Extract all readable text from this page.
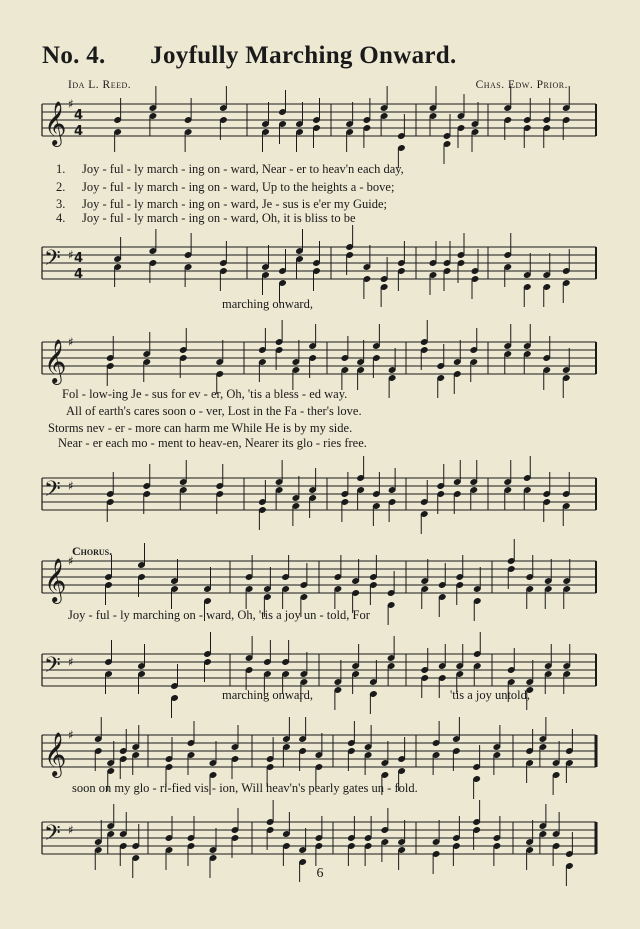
No. 4. Joyfully Marching Onward.
Ida L. Reed.	Chas. Edw. Prior.
𝄞 ♯
4
4
𝄢 ♯ 4
4
𝄞 ♯
𝄢 ♯
𝄞 ♯
𝄢 ♯
𝄞 ♯
𝄢 ♯
1. Joy - ful - ly march - ing on - ward, Near - er to heav'n each day,
2. Joy - ful - ly march - ing on - ward, Up to the heights a - bove;
3. Joy - ful - ly march - ing on - ward, Je - sus is e'er my Guide;
4. Joy - ful - ly march - ing on - ward, Oh, it is bliss to be
marching onward,
Fol - low-ing Je - sus for ev - er, Oh, 'tis a bless - ed way.
All of earth's cares soon o - ver, Lost in the Fa - ther's love.
Storms nev - er - more can harm me While He is by my side.
Near - er each mo - ment to heav-en, Nearer its glo - ries free.
Chorus.
Joy - ful - ly marching on - ward, Oh, 'tis a joy un - told, For
marching onward,	'tis a joy untold,
soon on my glo - ri-fied vis - ion, Will heav'n's pearly gates un - fold.
6
